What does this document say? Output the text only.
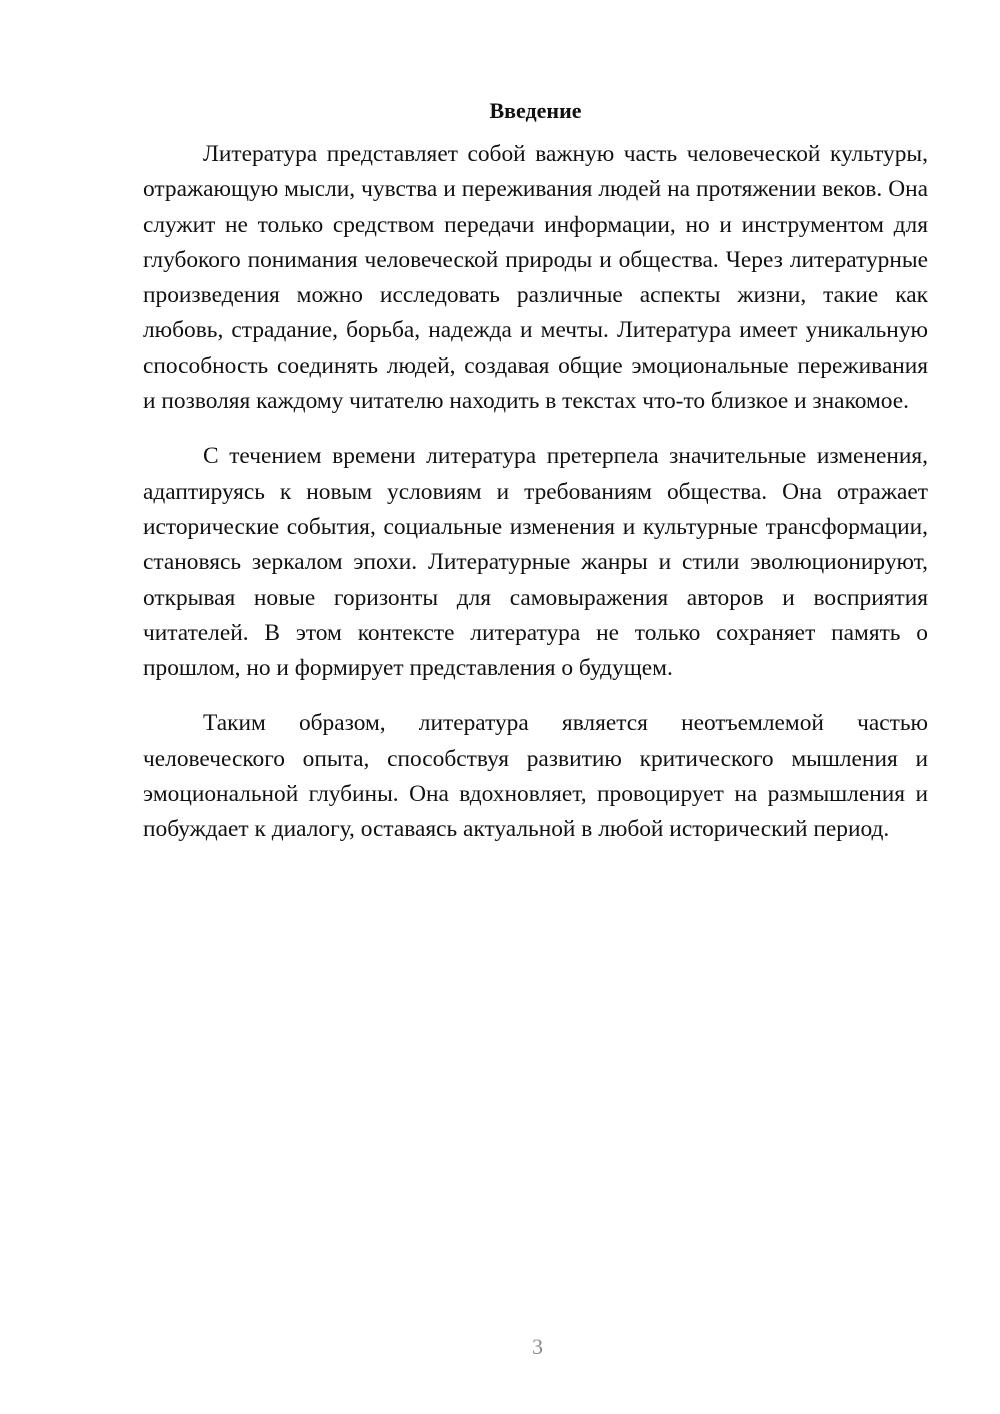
Введение

Литература представляет собой важную часть человеческой культуры, отражающую мысли, чувства и переживания людей на протяжении веков. Она служит не только средством передачи информации, но и инструментом для глубокого понимания человеческой природы и общества. Через литературные произведения можно исследовать различные аспекты жизни, такие как любовь, страдание, борьба, надежда и мечты. Литература имеет уникальную способность соединять людей, создавая общие эмоциональные переживания и позволяя каждому читателю находить в текстах что-то близкое и знакомое.

С течением времени литература претерпела значительные изменения, адаптируясь к новым условиям и требованиям общества. Она отражает исторические события, социальные изменения и культурные трансформации, становясь зеркалом эпохи. Литературные жанры и стили эволюционируют, открывая новые горизонты для самовыражения авторов и восприятия читателей. В этом контексте литература не только сохраняет память о прошлом, но и формирует представления о будущем.

Таким образом, литература является неотъемлемой частью человеческого опыта, способствуя развитию критического мышления и эмоциональной глубины. Она вдохновляет, провоцирует на размышления и побуждает к диалогу, оставаясь актуальной в любой исторический период.

3
